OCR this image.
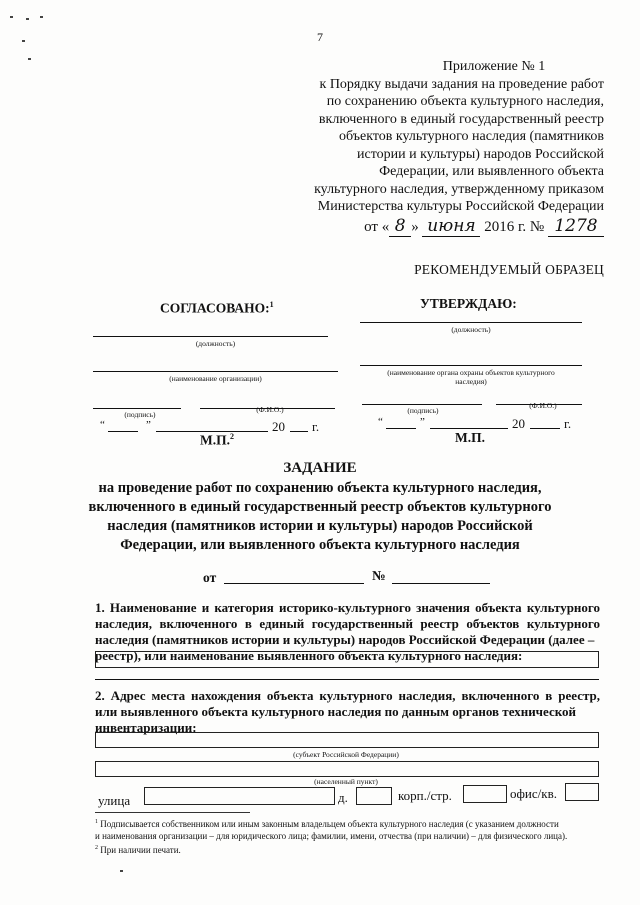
7
Приложение № 1
к Порядку выдачи задания на проведение работ
по сохранению объекта культурного наследия,
включенного в единый государственный реестр
объектов культурного наследия (памятников
истории и культуры) народов Российской
Федерации, или выявленного объекта
культурного наследия, утвержденному приказом
Министерства культуры Российской Федерации
от « 8 » июня 2016 г. № 1278
РЕКОМЕНДУЕМЫЙ ОБРАЗЕЦ
СОГЛАСОВАНО:$^1$
(должность)
(наименование организации)
(подпись)
(Ф.И.О.)
“	”	20 г.
М.П.$^2$
УТВЕРЖДАЮ:
(должность)
(наименование органа охраны объектов культурного
наследия)
(подпись)
(Ф.И.О.)
“	”	20	г.
М.П.
ЗАДАНИЕ
на проведение работ по сохранению объекта культурного наследия,
включенного в единый государственный реестр объектов культурного
наследия (памятников истории и культуры) народов Российской
Федерации, или выявленного объекта культурного наследия
от	№
1. Наименование и категория историко-культурного значения объекта культурного наследия, включенного в единый государственный реестр объектов культурного наследия (памятников истории и культуры) народов Российской Федерации (далее –
реестр), или наименование выявленного объекта культурного наследия:
2. Адрес места нахождения объекта культурного наследия, включенного в реестр, или выявленного объекта культурного наследия по данным органов технической
инвентаризации:
(субъект Российской Федерации)
(населенный пункт)
улица	д.	корп./стр.	офис/кв.
$^1$ Подписывается собственником или иным законным владельцем объекта культурного наследия (с указанием должности
и наименования организации – для юридического лица; фамилии, имени, отчества (при наличии) – для физического лица).
$^2$ При наличии печати.
